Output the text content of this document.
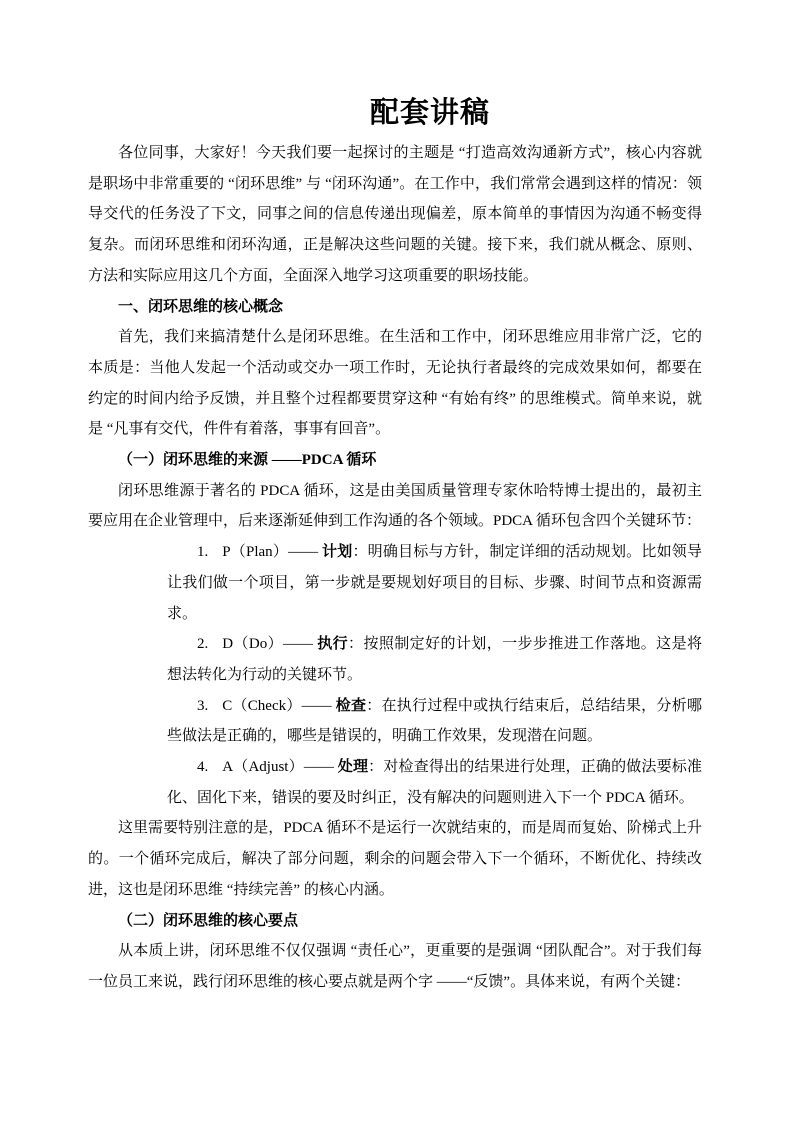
配套讲稿

各位同事，大家好！今天我们要一起探讨的主题是 “打造高效沟通新方式”，核心内容就是职场中非常重要的 “闭环思维” 与 “闭环沟通”。在工作中，我们常常会遇到这样的情况：领导交代的任务没了下文，同事之间的信息传递出现偏差，原本简单的事情因为沟通不畅变得复杂。而闭环思维和闭环沟通，正是解决这些问题的关键。接下来，我们就从概念、原则、方法和实际应用这几个方面，全面深入地学习这项重要的职场技能。

一、闭环思维的核心概念

首先，我们来搞清楚什么是闭环思维。在生活和工作中，闭环思维应用非常广泛，它的本质是：当他人发起一个活动或交办一项工作时，无论执行者最终的完成效果如何，都要在约定的时间内给予反馈，并且整个过程都要贯穿这种 “有始有终” 的思维模式。简单来说，就是 “凡事有交代，件件有着落，事事有回音”。

（一）闭环思维的来源 ——PDCA 循环

闭环思维源于著名的 PDCA 循环，这是由美国质量管理专家休哈特博士提出的，最初主要应用在企业管理中，后来逐渐延伸到工作沟通的各个领域。PDCA 循环包含四个关键环节：

1. P（Plan）—— 计划：明确目标与方针，制定详细的活动规划。比如领导让我们做一个项目，第一步就是要规划好项目的目标、步骤、时间节点和资源需求。

2. D（Do）—— 执行：按照制定好的计划，一步步推进工作落地。这是将想法转化为行动的关键环节。

3. C（Check）—— 检查：在执行过程中或执行结束后，总结结果，分析哪些做法是正确的，哪些是错误的，明确工作效果，发现潜在问题。

4. A（Adjust）—— 处理：对检查得出的结果进行处理，正确的做法要标准化、固化下来，错误的要及时纠正，没有解决的问题则进入下一个 PDCA 循环。

这里需要特别注意的是，PDCA 循环不是运行一次就结束的，而是周而复始、阶梯式上升的。一个循环完成后，解决了部分问题，剩余的问题会带入下一个循环，不断优化、持续改进，这也是闭环思维 “持续完善” 的核心内涵。

（二）闭环思维的核心要点

从本质上讲，闭环思维不仅仅强调 “责任心”，更重要的是强调 “团队配合”。对于我们每一位员工来说，践行闭环思维的核心要点就是两个字 ——“反馈”。具体来说，有两个关键：
